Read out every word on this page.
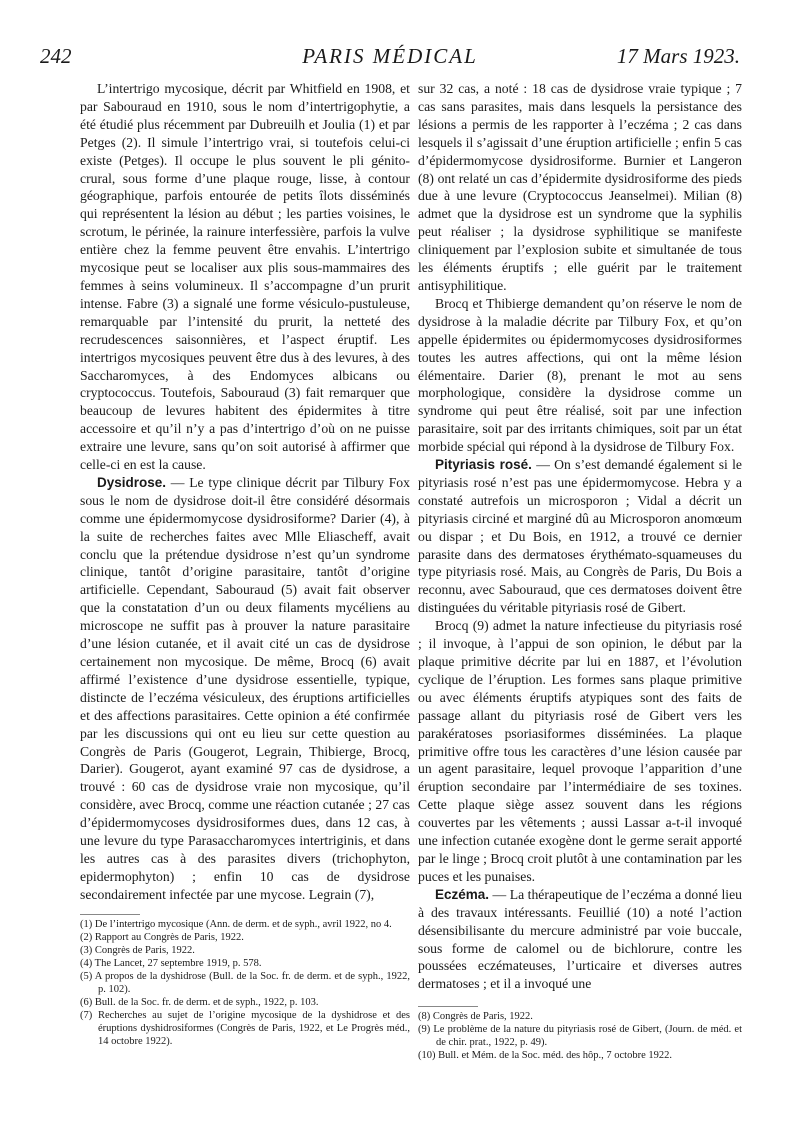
242	PARIS MÉDICAL	17 Mars 1923.

L’intertrigo mycosique, décrit par Whitfield en 1908, et par Sabouraud en 1910, sous le nom d’intertrigophytie, a été étudié plus récemment par Dubreuilh et Joulia (1) et par Petges (2). Il simule l’intertrigo vrai, si toutefois celui-ci existe (Petges). Il occupe le plus souvent le pli génito-crural, sous forme d’une plaque rouge, lisse, à contour géographique, parfois entourée de petits îlots disséminés qui représentent la lésion au début ; les parties voisines, le scrotum, le périnée, la rainure interfessière, parfois la vulve entière chez la femme peuvent être envahis. L’intertrigo mycosique peut se localiser aux plis sous-mammaires des femmes à seins volumineux. Il s’accompagne d’un prurit intense. Fabre (3) a signalé une forme vésiculo-pustuleuse, remarquable par l’intensité du prurit, la netteté des recrudescences saisonnières, et l’aspect éruptif. Les intertrigos mycosiques peuvent être dus à des levures, à des Saccharomyces, à des Endomyces albicans ou cryptococcus. Toutefois, Sabouraud (3) fait remarquer que beaucoup de levures habitent des épidermites à titre accessoire et qu’il n’y a pas d’intertrigo d’où on ne puisse extraire une levure, sans qu’on soit autorisé à affirmer que celle-ci en est la cause.

Dysidrose. — Le type clinique décrit par Tilbury Fox sous le nom de dysidrose doit-il être considéré désormais comme une épidermomycose dysidrosiforme? Darier (4), à la suite de recherches faites avec Mlle Eliascheff, avait conclu que la prétendue dysidrose n’est qu’un syndrome clinique, tantôt d’origine parasitaire, tantôt d’origine artificielle. Cependant, Sabouraud (5) avait fait observer que la constatation d’un ou deux filaments mycéliens au microscope ne suffit pas à prouver la nature parasitaire d’une lésion cutanée, et il avait cité un cas de dysidrose certainement non mycosique. De même, Brocq (6) avait affirmé l’existence d’une dysidrose essentielle, typique, distincte de l’eczéma vésiculeux, des éruptions artificielles et des affections parasitaires. Cette opinion a été confirmée par les discussions qui ont eu lieu sur cette question au Congrès de Paris (Gougerot, Legrain, Thibierge, Brocq, Darier). Gougerot, ayant examiné 97 cas de dysidrose, a trouvé : 60 cas de dysidrose vraie non mycosique, qu’il considère, avec Brocq, comme une réaction cutanée ; 27 cas d’épidermomycoses dysidrosiformes dues, dans 12 cas, à une levure du type Parasaccharomyces intertriginis, et dans les autres cas à des parasites divers (trichophyton, epidermophyton) ; enfin 10 cas de dysidrose secondairement infectée par une mycose. Legrain (7),

(1) De l’intertrigo mycosique (Ann. de derm. et de syph., avril 1922, no 4.

(2) Rapport au Congrès de Paris, 1922.

(3) Congrès de Paris, 1922.

(4) The Lancet, 27 septembre 1919, p. 578.

(5) A propos de la dyshidrose (Bull. de la Soc. fr. de derm. et de syph., 1922, p. 102).

(6) Bull. de la Soc. fr. de derm. et de syph., 1922, p. 103.

(7) Recherches au sujet de l’origine mycosique de la dyshidrose et des éruptions dyshidrosiformes (Congrès de Paris, 1922, et Le Progrès méd., 14 octobre 1922).

sur 32 cas, a noté : 18 cas de dysidrose vraie typique ; 7 cas sans parasites, mais dans lesquels la persistance des lésions a permis de les rapporter à l’eczéma ; 2 cas dans lesquels il s’agissait d’une éruption artificielle ; enfin 5 cas d’épidermomycose dysidrosiforme. Burnier et Langeron (8) ont relaté un cas d’épidermite dysidrosiforme des pieds due à une levure (Cryptococcus Jeanselmei). Milian (8) admet que la dysidrose est un syndrome que la syphilis peut réaliser ; la dysidrose syphilitique se manifeste cliniquement par l’explosion subite et simultanée de tous les éléments éruptifs ; elle guérit par le traitement antisyphilitique.

Brocq et Thibierge demandent qu’on réserve le nom de dysidrose à la maladie décrite par Tilbury Fox, et qu’on appelle épidermites ou épidermomycoses dysidrosiformes toutes les autres affections, qui ont la même lésion élémentaire. Darier (8), prenant le mot au sens morphologique, considère la dysidrose comme un syndrome qui peut être réalisé, soit par une infection parasitaire, soit par des irritants chimiques, soit par un état morbide spécial qui répond à la dysidrose de Tilbury Fox.

Pityriasis rosé. — On s’est demandé également si le pityriasis rosé n’est pas une épidermomycose. Hebra y a constaté autrefois un microsporon ; Vidal a décrit un pityriasis circiné et marginé dû au Microsporon anomœum ou dispar ; et Du Bois, en 1912, a trouvé ce dernier parasite dans des dermatoses érythémato-squameuses du type pityriasis rosé. Mais, au Congrès de Paris, Du Bois a reconnu, avec Sabouraud, que ces dermatoses doivent être distinguées du véritable pityriasis rosé de Gibert.

Brocq (9) admet la nature infectieuse du pityriasis rosé ; il invoque, à l’appui de son opinion, le début par la plaque primitive décrite par lui en 1887, et l’évolution cyclique de l’éruption. Les formes sans plaque primitive ou avec éléments éruptifs atypiques sont des faits de passage allant du pityriasis rosé de Gibert vers les parakératoses psoriasiformes disséminées. La plaque primitive offre tous les caractères d’une lésion causée par un agent parasitaire, lequel provoque l’apparition d’une éruption secondaire par l’intermédiaire de ses toxines. Cette plaque siège assez souvent dans les régions couvertes par les vêtements ; aussi Lassar a-t-il invoqué une infection cutanée exogène dont le germe serait apporté par le linge ; Brocq croit plutôt à une contamination par les puces et les punaises.

Eczéma. — La thérapeutique de l’eczéma a donné lieu à des travaux intéressants. Feuillié (10) a noté l’action désensibilisante du mercure administré par voie buccale, sous forme de calomel ou de bichlorure, contre les poussées eczémateuses, l’urticaire et diverses autres dermatoses ; et il a invoqué une

(8) Congrès de Paris, 1922.

(9) Le problème de la nature du pityriasis rosé de Gibert, (Journ. de méd. et de chir. prat., 1922, p. 49).

(10) Bull. et Mém. de la Soc. méd. des hôp., 7 octobre 1922.
